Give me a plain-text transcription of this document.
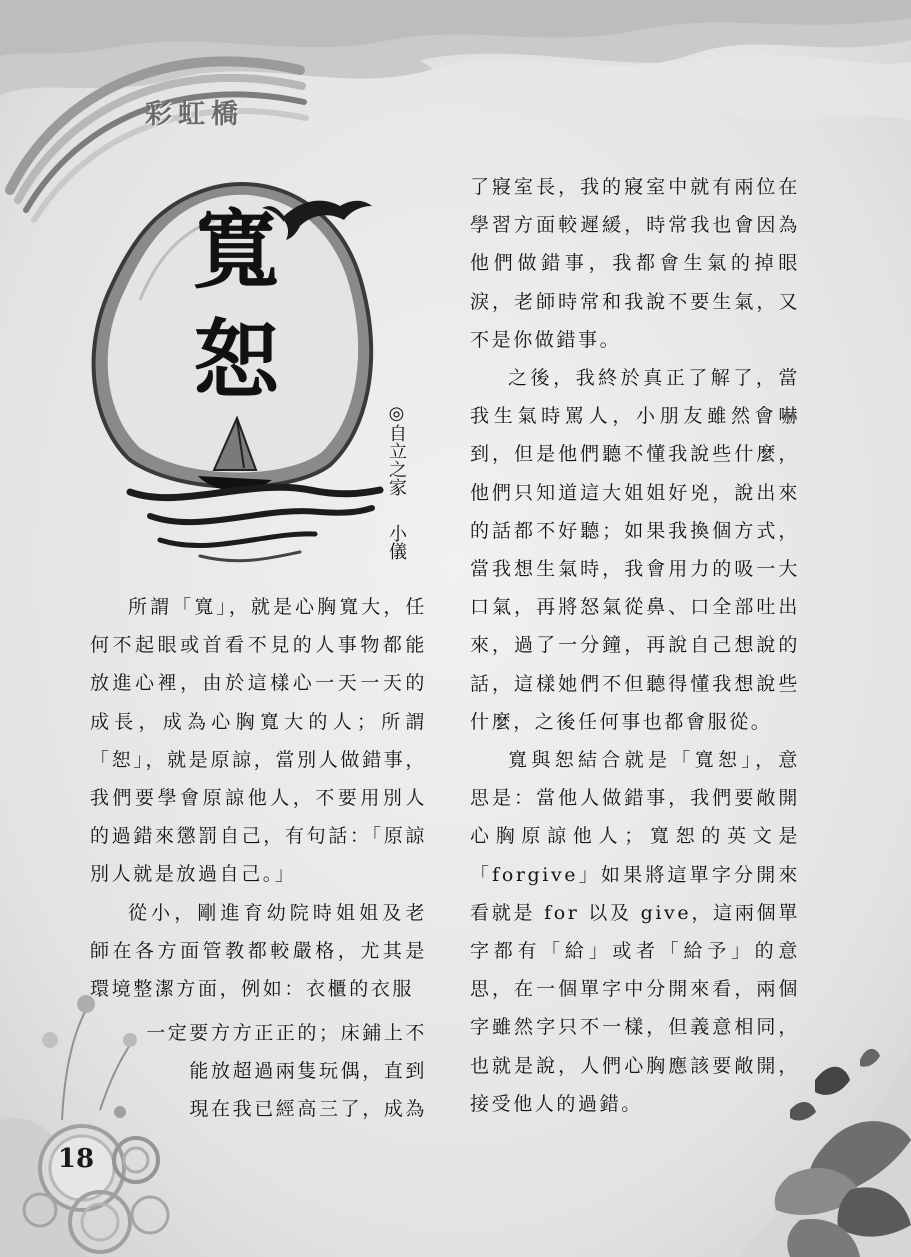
彩虹橋
寬
恕
◎自立之家小儀

所謂「寬」，就是心胸寬大，任何不起眼或首看不見的人事物都能放進心裡，由於這樣心一天一天的成長，成為心胸寬大的人；所謂「恕」，就是原諒，當別人做錯事，我們要學會原諒他人，不要用別人的過錯來懲罰自己，有句話：「原諒別人就是放過自己。」

從小，剛進育幼院時姐姐及老師在各方面管教都較嚴格，尤其是環境整潔方面，例如：衣櫃的衣服

一定要方方正正的；床鋪上不

能放超過兩隻玩偶，直到

現在我已經高三了，成為

了寢室長，我的寢室中就有兩位在學習方面較遲緩，時常我也會因為他們做錯事，我都會生氣的掉眼淚，老師時常和我說不要生氣，又不是你做錯事。

之後，我終於真正了解了，當我生氣時罵人，小朋友雖然會嚇到，但是他們聽不懂我說些什麼，他們只知道這大姐姐好兇，說出來的話都不好聽；如果我換個方式，當我想生氣時，我會用力的吸一大口氣，再將怒氣從鼻、口全部吐出來，過了一分鐘，再說自己想說的話，這樣她們不但聽得懂我想說些什麼，之後任何事也都會服從。

寬與恕結合就是「寬恕」，意思是：當他人做錯事，我們要敞開心胸原諒他人；寬恕的英文是「forgive」如果將這單字分開來看就是 for 以及 give，這兩個單字都有「給」或者「給予」的意思，在一個單字中分開來看，兩個字雖然字只不一樣，但義意相同，也就是說，人們心胸應該要敞開，接受他人的過錯。

18
